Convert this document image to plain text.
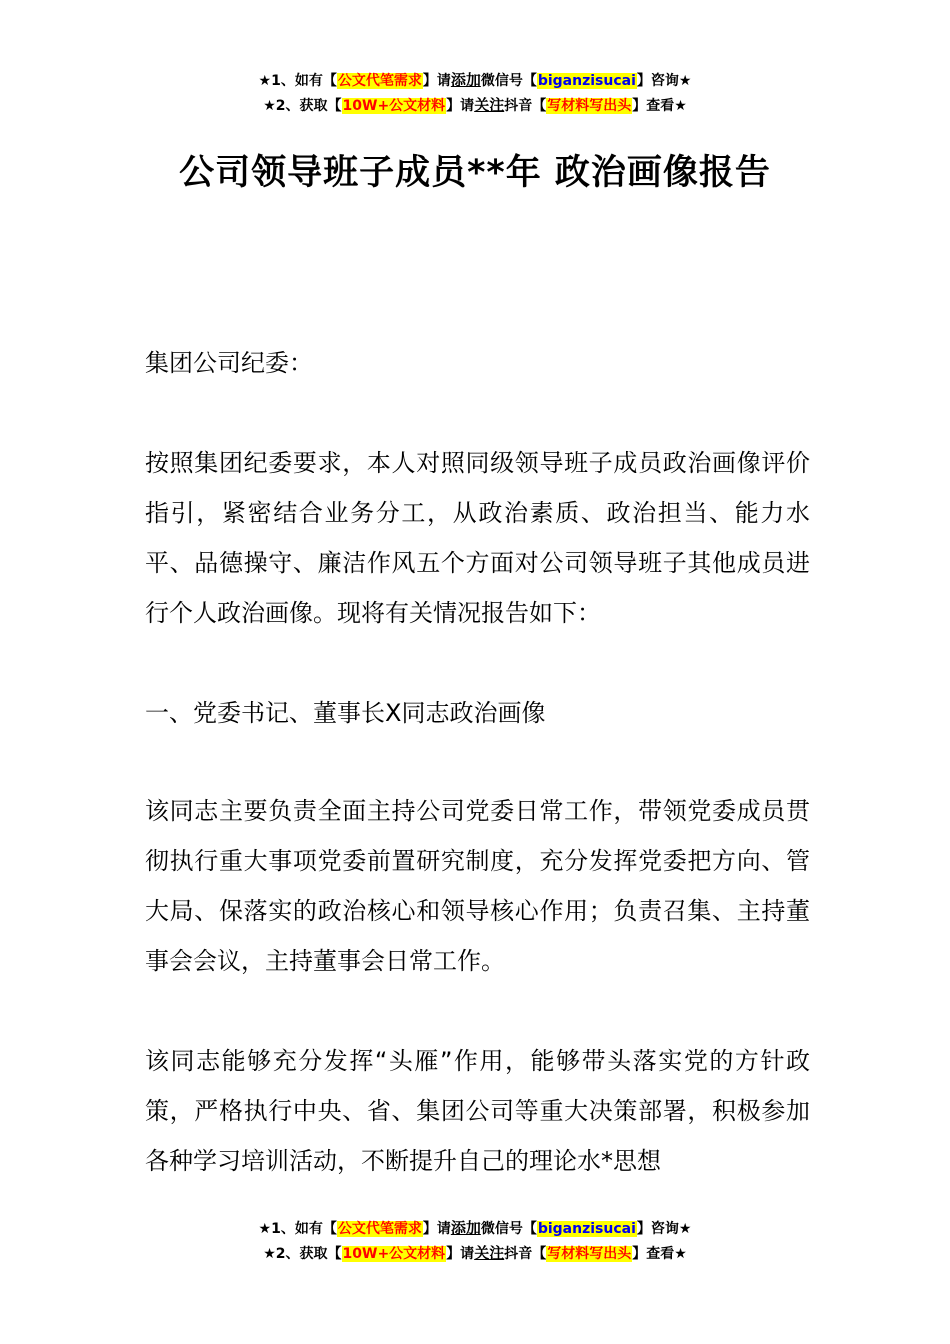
★1、如有【公文代笔需求】请添加微信号【biganzisucai】咨询★
★2、获取【10W+公文材料】请关注抖音【写材料写出头】查看★
公司领导班子成员**年 政治画像报告
集团公司纪委：

按照集团纪委要求，本人对照同级领导班子成员政治画像评价指引，紧密结合业务分工，从政治素质、政治担当、能力水平、品德操守、廉洁作风五个方面对公司领导班子其他成员进行个人政治画像。现将有关情况报告如下：

一、党委书记、董事长X同志政治画像

该同志主要负责全面主持公司党委日常工作，带领党委成员贯彻执行重大事项党委前置研究制度，充分发挥党委把方向、管大局、保落实的政治核心和领导核心作用；负责召集、主持董事会会议，主持董事会日常工作。

该同志能够充分发挥“头雁”作用，能够带头落实党的方针政策，严格执行中央、省、集团公司等重大决策部署，积极参加各种学习培训活动，不断提升自己的理论水*思想

★1、如有【公文代笔需求】请添加微信号【biganzisucai】咨询★
★2、获取【10W+公文材料】请关注抖音【写材料写出头】查看★
